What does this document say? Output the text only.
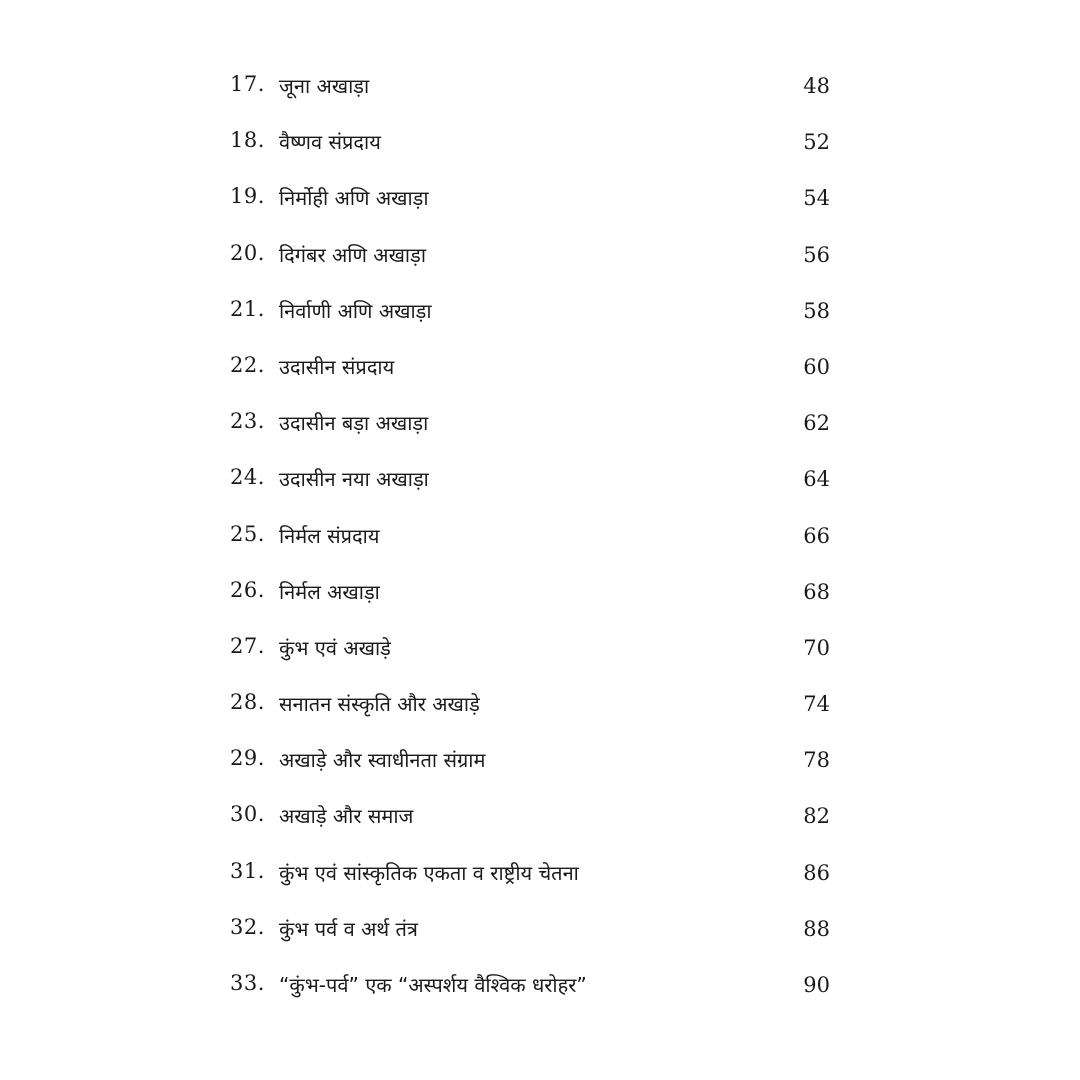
17. जूना अखाड़ा	48
18. वैष्णव संप्रदाय	52
19. निर्मोही अणि अखाड़ा	54
20. दिगंबर अणि अखाड़ा	56
21. निर्वाणी अणि अखाड़ा	58
22. उदासीन संप्रदाय	60
23. उदासीन बड़ा अखाड़ा	62
24. उदासीन नया अखाड़ा	64
25. निर्मल संप्रदाय	66
26. निर्मल अखाड़ा	68
27. कुंभ एवं अखाड़े	70
28. सनातन संस्कृति और अखाड़े	74
29. अखाड़े और स्वाधीनता संग्राम	78
30. अखाड़े और समाज	82
31. कुंभ एवं सांस्कृतिक एकता व राष्ट्रीय चेतना	86
32. कुंभ पर्व व अर्थ तंत्र	88
33. “कुंभ-पर्व” एक “अस्पर्शय वैश्विक धरोहर”	90
